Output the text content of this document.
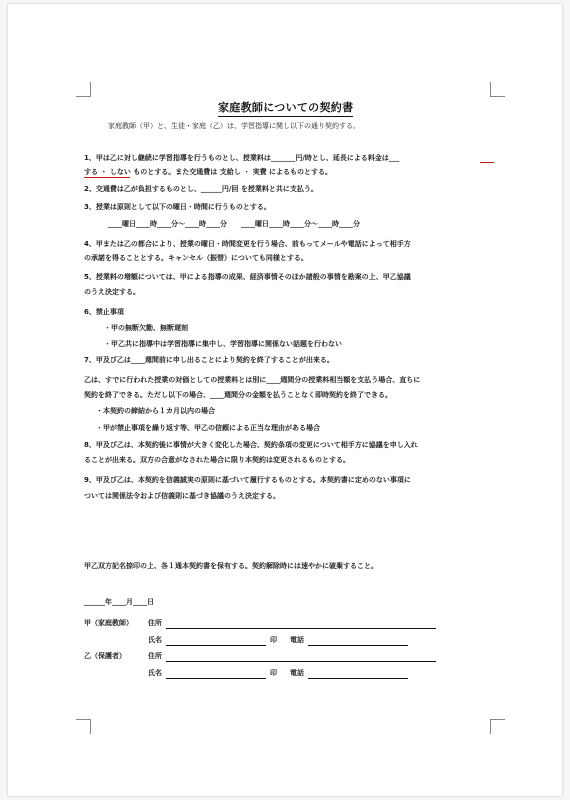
家庭教師についての契約書
家庭教師（甲）と、生徒・家庭（乙）は、学習指導に関し以下の通り契約する。
1、甲は乙に対し継続に学習指導を行うものとし、授業料は_______円/時とし、延長による料金は___
する ・ しない ものとする。また交通費は 支給し ・ 実費 によるものとする。
2、交通費は乙が負担するものとし、______円/回 を授業料と共に支払う。
3、授業は原則として以下の曜日・時間に行うものとする。
____曜日____時____分〜____時____分　　____曜日____時____分〜____時____分
4、甲または乙の都合により、授業の曜日・時間変更を行う場合、前もってメールや電話によって相手方
の承諾を得ることとする。キャンセル（振替）についても同様とする。
5、授業料の増額については、甲による指導の成果、経済事情そのほか諸般の事情を勘案の上、甲乙協議
のうえ決定する。
6、禁止事項
・甲の無断欠勤、無断遅刻
・甲乙共に指導中は学習指導に集中し、学習指導に関係ない話題を行わない
7、甲及び乙は____週間前に申し出ることにより契約を終了することが出来る。
乙は、すでに行われた授業の対価としての授業料とは別に____週間分の授業料相当額を支払う場合、直ちに
契約を終了できる。ただし以下の場合、____週間分の金額を払うことなく即時契約を終了できる。
・本契約の締結から１カ月以内の場合
・甲が禁止事項を繰り返す等、甲乙の信頼による正当な理由がある場合
8、甲及び乙は、本契約後に事情が大きく変化した場合、契約条項の変更について相手方に協議を申し入れ
ることが出来る。双方の合意がなされた場合に限り本契約は変更されるものとする。
9、甲及び乙は、本契約を信義誠実の原則に基づいて履行するものとする。本契約書に定めのない事項に
ついては関係法令および信義則に基づき協議のうえ決定する。
甲乙双方記名捺印の上、各１通本契約書を保有する。契約解除時には速やかに破棄すること。
______年____月____日
甲（家庭教師） 住所
氏名	印 電話
乙（保護者）	住所
氏名	印 電話
